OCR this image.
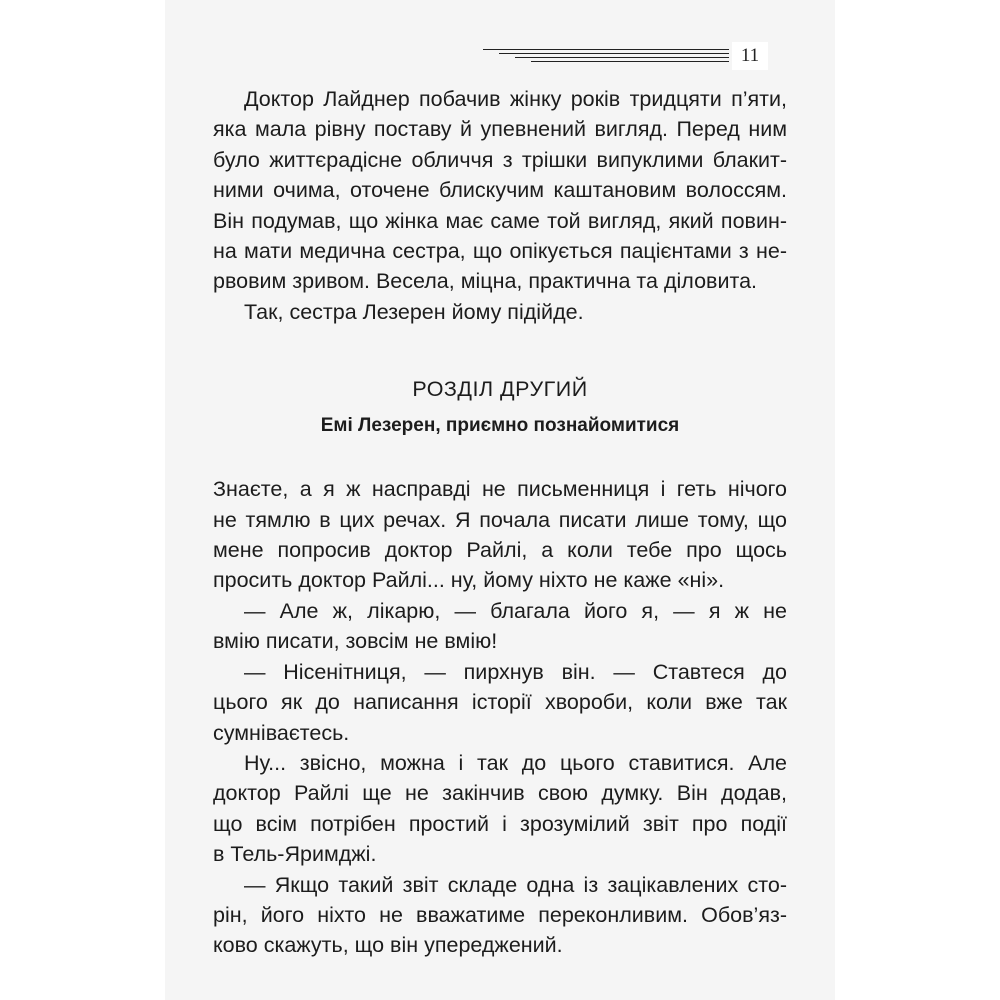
11

Доктор Лайднер побачив жінку років тридцяти п’яти,
яка мала рівну поставу й упевнений вигляд. Перед ним
було життєрадісне обличчя з трішки випуклими блакит-
ними очима, оточене блискучим каштановим волоссям.
Він подумав, що жінка має саме той вигляд, який повин-
на мати медична сестра, що опікується пацієнтами з не-
рвовим зривом. Весела, міцна, практична та діловита.

Так, сестра Лезерен йому підійде.

РОЗДІЛ ДРУГИЙ
Емі Лезерен, приємно познайомитися

Знаєте, а я ж насправді не письменниця і геть нічого
не тямлю в цих речах. Я почала писати лише тому, що
мене попросив доктор Райлі, а коли тебе про щось
просить доктор Райлі... ну, йому ніхто не каже «ні».

— Але ж, лікарю, — благала його я, — я ж не
вмію писати, зовсім не вмію!

— Нісенітниця, — пирхнув він. — Ставтеся до
цього як до написання історії хвороби, коли вже так
сумніваєтесь.

Ну... звісно, можна і так до цього ставитися. Але
доктор Райлі ще не закінчив свою думку. Він додав,
що всім потрібен простий і зрозумілий звіт про події
в Тель-Яримджі.

— Якщо такий звіт складе одна із зацікавлених сто-
рін, його ніхто не вважатиме переконливим. Обов’яз-
ково скажуть, що він упереджений.
